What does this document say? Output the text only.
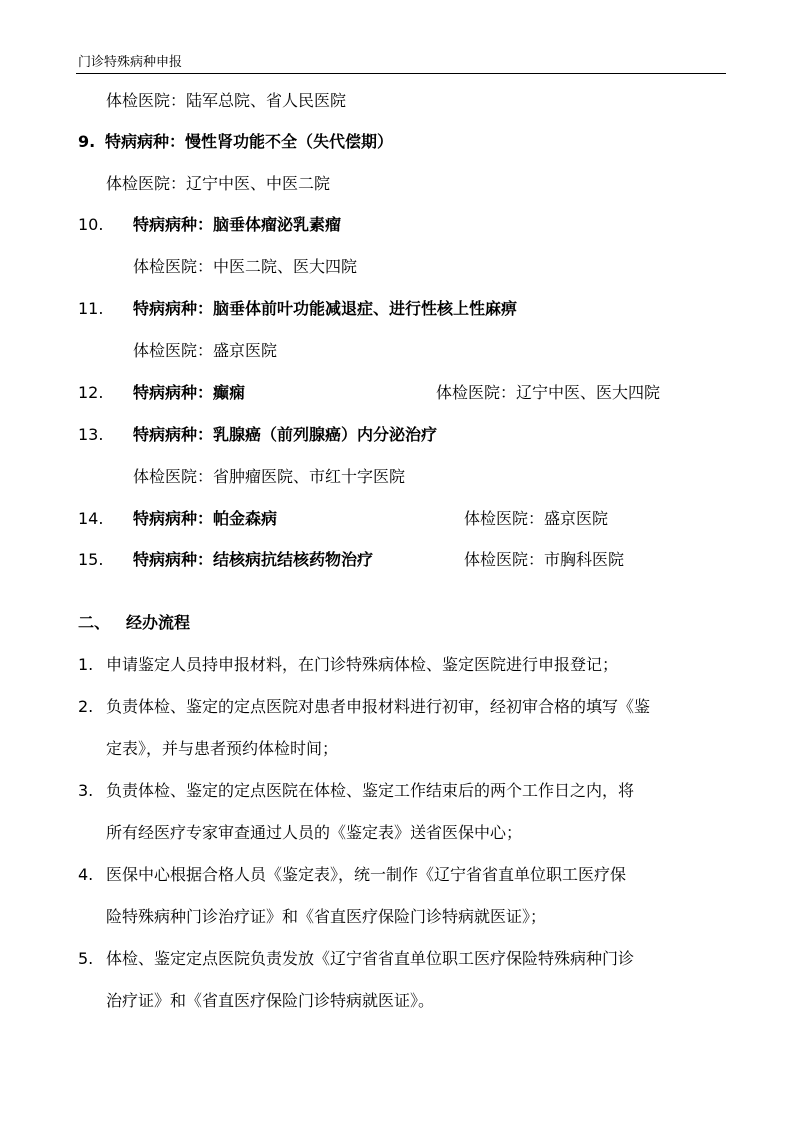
门诊特殊病种申报
体检医院：陆军总院、省人民医院
9. 特病病种：慢性肾功能不全（失代偿期）
体检医院：辽宁中医、中医二院
10. 特病病种：脑垂体瘤泌乳素瘤
体检医院：中医二院、医大四院
11. 特病病种：脑垂体前叶功能减退症、进行性核上性麻痹
体检医院：盛京医院
12. 特病病种：癫痫	体检医院：辽宁中医、医大四院
13. 特病病种：乳腺癌（前列腺癌）内分泌治疗
体检医院：省肿瘤医院、市红十字医院
14. 特病病种：帕金森病	体检医院：盛京医院
15. 特病病种：结核病抗结核药物治疗	体检医院：市胸科医院
二、 经办流程
1. 申请鉴定人员持申报材料，在门诊特殊病体检、鉴定医院进行申报登记；
2. 负责体检、鉴定的定点医院对患者申报材料进行初审，经初审合格的填写《鉴
定表》，并与患者预约体检时间；
3. 负责体检、鉴定的定点医院在体检、鉴定工作结束后的两个工作日之内，将
所有经医疗专家审查通过人员的《鉴定表》送省医保中心；
4. 医保中心根据合格人员《鉴定表》，统一制作《辽宁省省直单位职工医疗保
险特殊病种门诊治疗证》和《省直医疗保险门诊特病就医证》；
5. 体检、鉴定定点医院负责发放《辽宁省省直单位职工医疗保险特殊病种门诊
治疗证》和《省直医疗保险门诊特病就医证》。
